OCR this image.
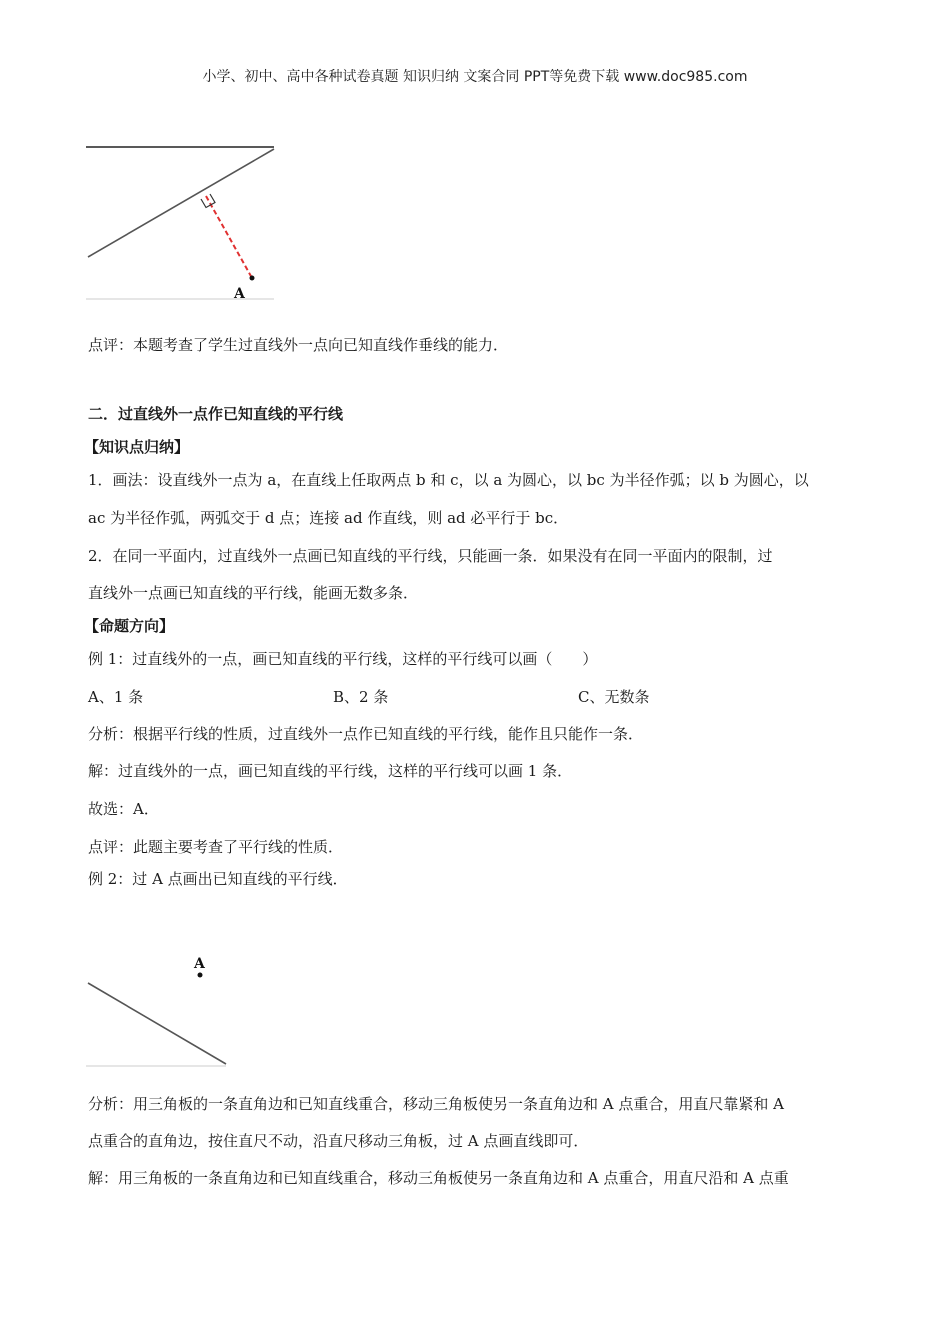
小学、初中、高中各种试卷真题 知识归纳 文案合同 PPT等免费下载 www.doc985.com
A
点评：本题考查了学生过直线外一点向已知直线作垂线的能力．
二．过直线外一点作已知直线的平行线
【知识点归纳】
1．画法：设直线外一点为 a，在直线上任取两点 b 和 c，以 a 为圆心，以 bc 为半径作弧；以 b 为圆心，以
ac 为半径作弧，两弧交于 d 点；连接 ad 作直线，则 ad 必平行于 bc．
2．在同一平面内，过直线外一点画已知直线的平行线，只能画一条．如果没有在同一平面内的限制，过
直线外一点画已知直线的平行线，能画无数多条．
【命题方向】
例 1：过直线外的一点，画已知直线的平行线，这样的平行线可以画（　　）
A、1 条	B、2 条	C、无数条
分析：根据平行线的性质，过直线外一点作已知直线的平行线，能作且只能作一条．
解：过直线外的一点，画已知直线的平行线，这样的平行线可以画 1 条．
故选：A．
点评：此题主要考查了平行线的性质．
例 2：过 A 点画出已知直线的平行线．
A
分析：用三角板的一条直角边和已知直线重合，移动三角板使另一条直角边和 A 点重合，用直尺靠紧和 A
点重合的直角边，按住直尺不动，沿直尺移动三角板，过 A 点画直线即可．
解：用三角板的一条直角边和已知直线重合，移动三角板使另一条直角边和 A 点重合，用直尺沿和 A 点重
